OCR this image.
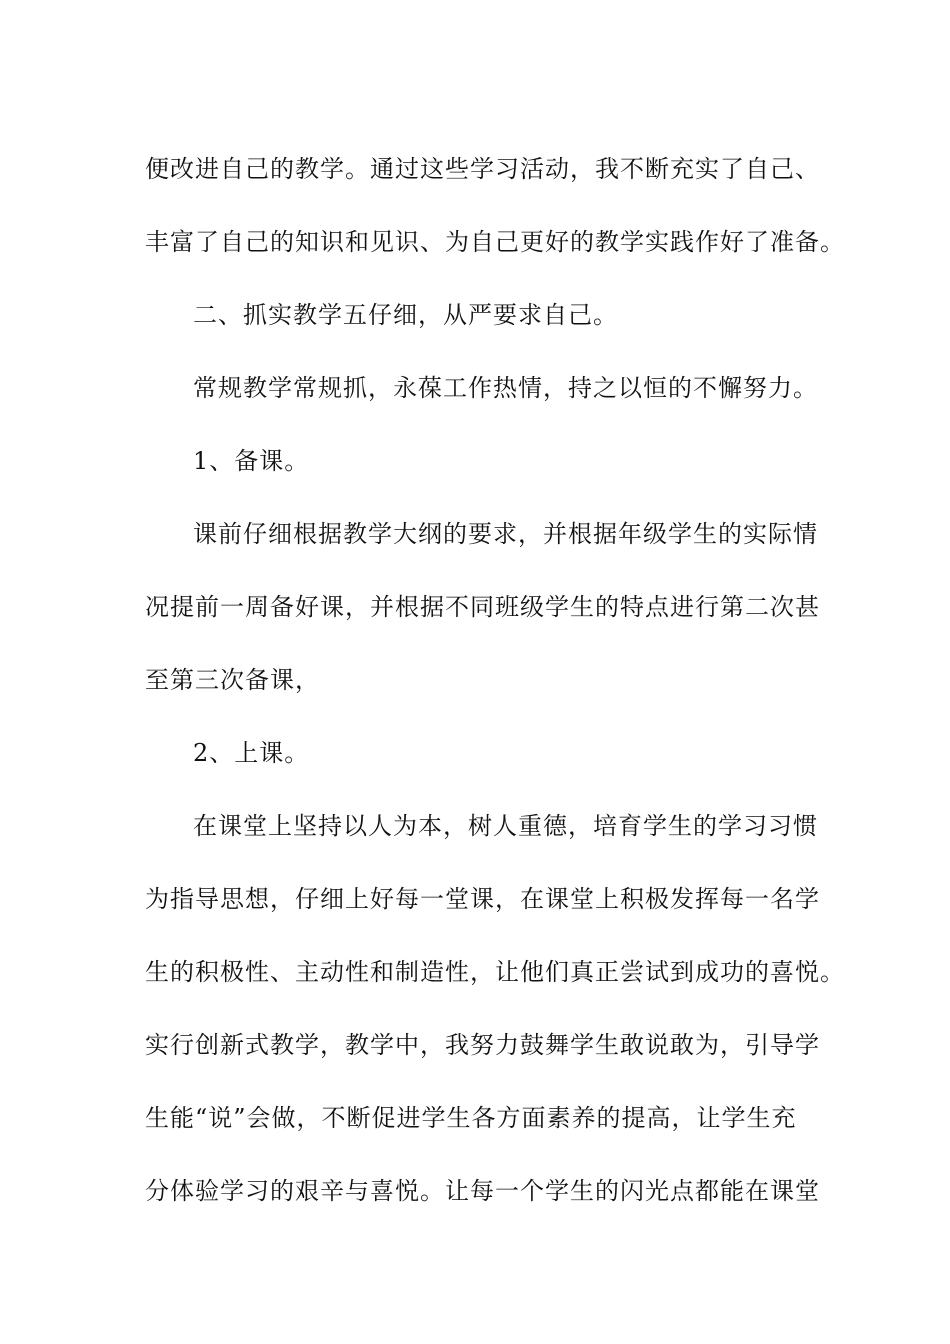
便改进自己的教学。通过这些学习活动，我不断充实了自己、

丰富了自己的知识和见识、为自己更好的教学实践作好了准备。

二、抓实教学五仔细，从严要求自己。

常规教学常规抓，永葆工作热情，持之以恒的不懈努力。

1、备课。

课前仔细根据教学大纲的要求，并根据年级学生的实际情

况提前一周备好课，并根据不同班级学生的特点进行第二次甚

至第三次备课，

2、上课。

在课堂上坚持以人为本，树人重德，培育学生的学习习惯

为指导思想，仔细上好每一堂课，在课堂上积极发挥每一名学

生的积极性、主动性和制造性，让他们真正尝试到成功的喜悦。

实行创新式教学，教学中，我努力鼓舞学生敢说敢为，引导学

生能“说”会做，不断促进学生各方面素养的提高，让学生充

分体验学习的艰辛与喜悦。让每一个学生的闪光点都能在课堂
